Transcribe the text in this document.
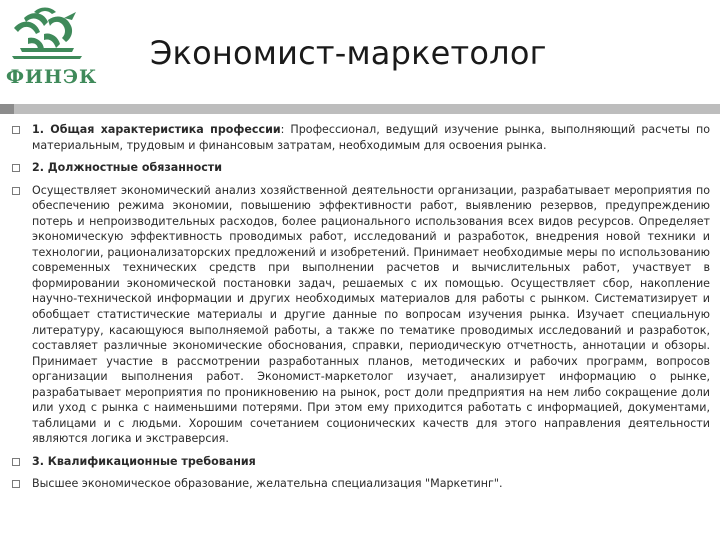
ФИНЭК
Экономист-маркетолог
1. Общая характеристика профессии: Профессионал, ведущий изучение рынка, выполняющий расчеты по материальным, трудовым и финансовым затратам, необходимым для освоения рынка.
2. Должностные обязанности
Осуществляет экономический анализ хозяйственной деятельности организации, разрабатывает мероприятия по обеспечению режима экономии, повышению эффективности работ, выявлению резервов, предупреждению потерь и непроизводительных расходов, более рационального использования всех видов ресурсов. Определяет экономическую эффективность проводимых работ, исследований и разработок, внедрения новой техники и технологии, рационализаторских предложений и изобретений. Принимает необходимые меры по использованию современных технических средств при выполнении расчетов и вычислительных работ, участвует в формировании экономической постановки задач, решаемых с их помощью. Осуществляет сбор, накопление научно-технической информации и других необходимых материалов для работы с рынком. Систематизирует и обобщает статистические материалы и другие данные по вопросам изучения рынка. Изучает специальную литературу, касающуюся выполняемой работы, а также по тематике проводимых исследований и разработок, составляет различные экономические обоснования, справки, периодическую отчетность, аннотации и обзоры. Принимает участие в рассмотрении разработанных планов, методических и рабочих программ, вопросов организации выполнения работ. Экономист-маркетолог изучает, анализирует информацию о рынке, разрабатывает мероприятия по проникновению на рынок, рост доли предприятия на нем либо сокращение доли или уход с рынка с наименьшими потерями. При этом ему приходится работать с информацией, документами, таблицами и с людьми. Хорошим сочетанием соционических качеств для этого направления деятельности являются логика и экстраверсия.
3. Квалификационные требования
Высшее экономическое образование, желательна специализация "Маркетинг".
